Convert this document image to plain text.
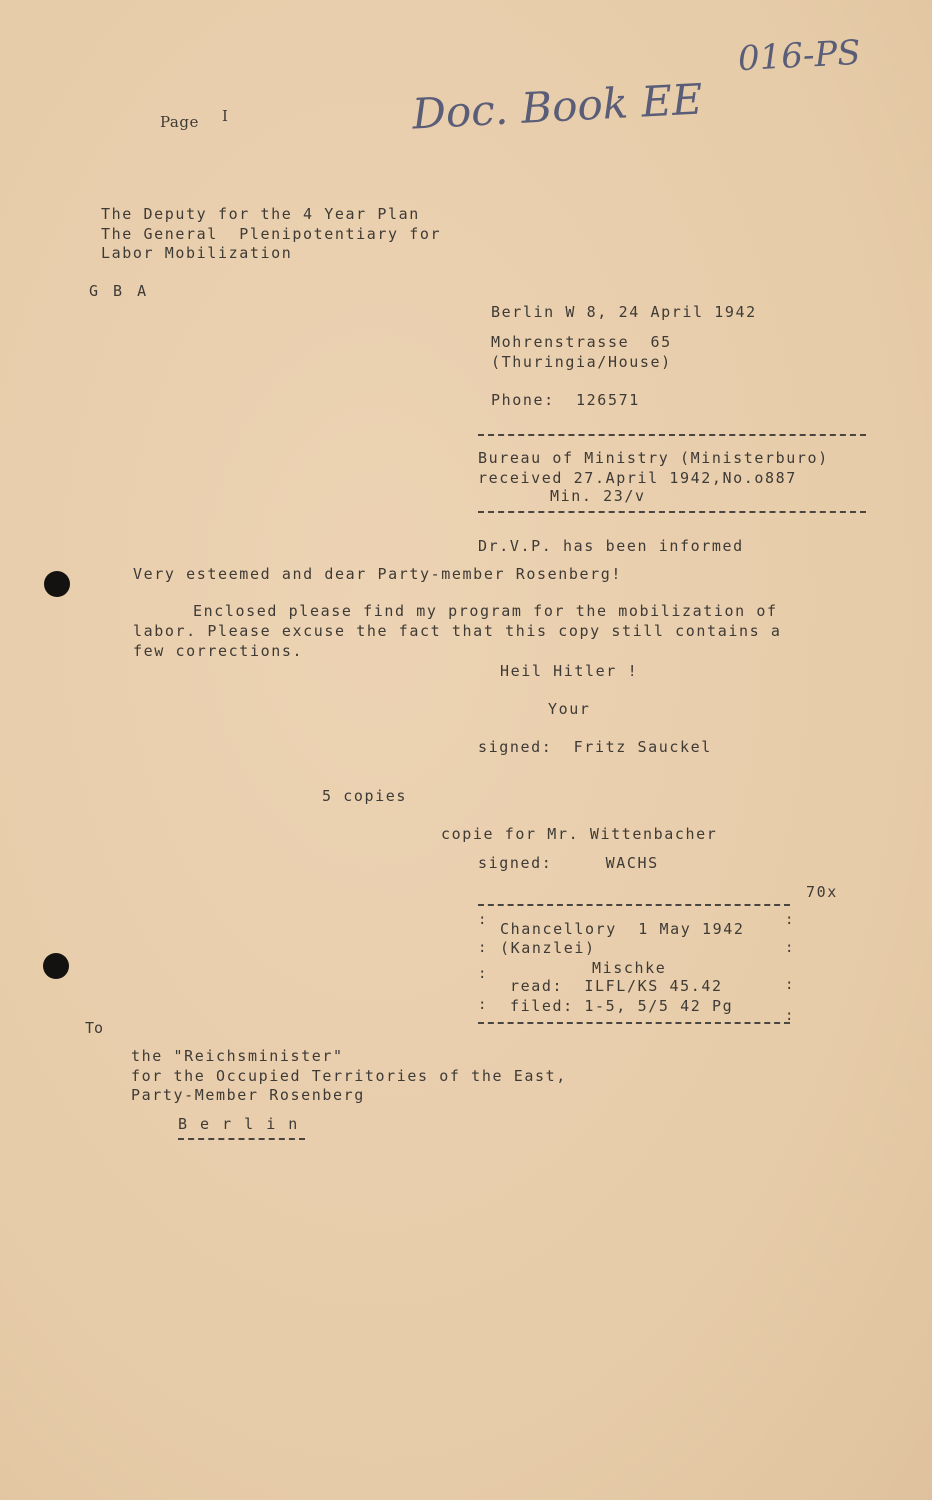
Page I	Doc. Book EE
016-PS
The Deputy for the 4 Year Plan
The General  Plenipotentiary for
Labor Mobilization
G B A
Berlin W 8, 24 April 1942
Mohrenstrasse  65
(Thuringia/House)
Phone:  126571
Bureau of Ministry (Ministerburo)
received 27.April 1942,No.o887
Min. 23/v
Dr.V.P. has been informed
Very esteemed and dear Party-member Rosenberg!
Enclosed please find my program for the mobilization of
labor. Please excuse the fact that this copy still contains a
few corrections.
Heil Hitler !
Your
signed:  Fritz Sauckel
5 copies
copie for Mr. Wittenbacher
signed:     WACHS
70x
:
:
:
:
:
:
:
:
Chancellory  1 May 1942
(Kanzlei)
Mischke
read:  ILFL/KS 45.42
filed: 1-5, 5/5 42 Pg
To
the "Reichsminister"
for the Occupied Territories of the East,
Party-Member Rosenberg
B e r l i n
